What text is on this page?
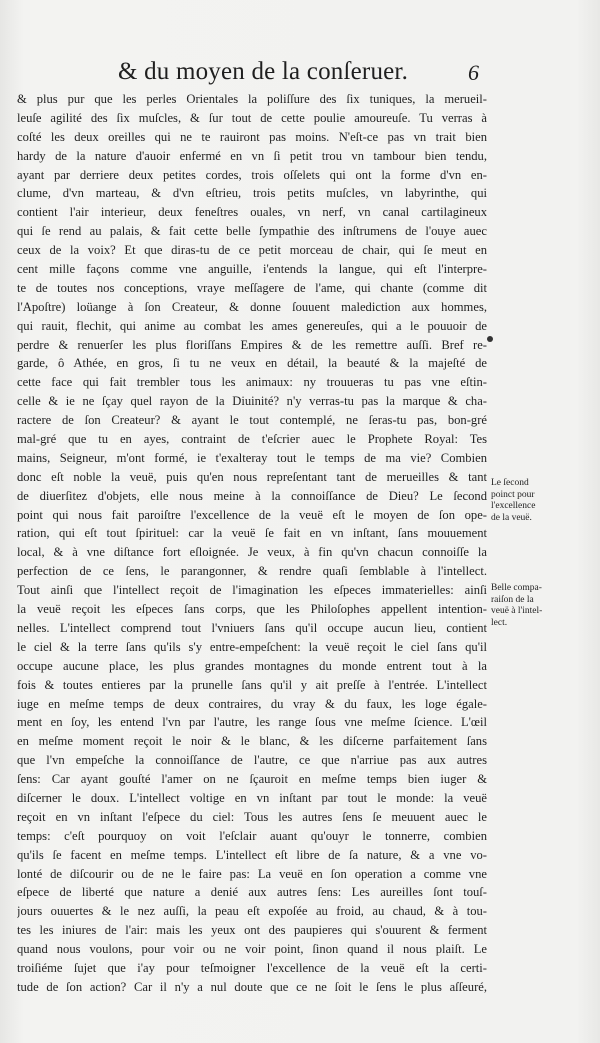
& du moyen de la conſeruer.	6
& plus pur que les perles Orientales la poliſſure des ſix tuniques, la merueil-
leuſe agilité des ſix muſcles, & ſur tout de cette poulie amoureuſe. Tu verras à
coſté les deux oreilles qui ne te rauiront pas moins. N'eſt-ce pas vn trait bien
hardy de la nature d'auoir enfermé en vn ſi petit trou vn tambour bien tendu,
ayant par derriere deux petites cordes, trois oſſelets qui ont la forme d'vn en-
clume, d'vn marteau, & d'vn eſtrieu, trois petits muſcles, vn labyrinthe, qui
contient l'air interieur, deux feneſtres ouales, vn nerf, vn canal cartilagineux
qui ſe rend au palais, & fait cette belle ſympathie des inſtrumens de l'ouye auec
ceux de la voix? Et que diras-tu de ce petit morceau de chair, qui ſe meut en
cent mille façons comme vne anguille, i'entends la langue, qui eſt l'interpre-
te de toutes nos conceptions, vraye meſſagere de l'ame, qui chante (comme dit
l'Apoſtre) loüange à ſon Createur, & donne ſouuent malediction aux hommes,
qui rauit, flechit, qui anime au combat les ames genereuſes, qui a le pouuoir de
perdre & renuerſer les plus floriſſans Empires & de les remettre auſſi. Bref re-
garde, ô Athée, en gros, ſi tu ne veux en détail, la beauté & la majeſté de
cette face qui fait trembler tous les animaux: ny trouueras tu pas vne eſtin-
celle & ie ne ſçay quel rayon de la Diuinité? n'y verras-tu pas la marque & cha-
ractere de ſon Createur? & ayant le tout contemplé, ne ſeras-tu pas, bon-gré
mal-gré que tu en ayes, contraint de t'eſcrier auec le Prophete Royal: Tes
mains, Seigneur, m'ont formé, ie t'exalteray tout le temps de ma vie? Combien
donc eſt noble la veuë, puis qu'en nous repreſentant tant de merueilles & tant
de diuerſitez d'objets, elle nous meine à la connoiſſance de Dieu? Le ſecond
point qui nous fait paroiſtre l'excellence de la veuë eſt le moyen de ſon ope-
ration, qui eſt tout ſpirituel: car la veuë ſe fait en vn inſtant, ſans mouuement
local, & à vne diſtance fort eſloignée. Je veux, à fin qu'vn chacun connoiſſe la
perfection de ce ſens, le parangonner, & rendre quaſi ſemblable à l'intellect.
Tout ainſi que l'intellect reçoit de l'imagination les eſpeces immaterielles: ainſi
la veuë reçoit les eſpeces ſans corps, que les Philoſophes appellent intention-
nelles. L'intellect comprend tout l'vniuers ſans qu'il occupe aucun lieu, contient
le ciel & la terre ſans qu'ils s'y entre-empeſchent: la veuë reçoit le ciel ſans qu'il
occupe aucune place, les plus grandes montagnes du monde entrent tout à la
fois & toutes entieres par la prunelle ſans qu'il y ait preſſe à l'entrée. L'intellect
iuge en meſme temps de deux contraires, du vray & du faux, les loge égale-
ment en ſoy, les entend l'vn par l'autre, les range ſous vne meſme ſcience. L'œil
en meſme moment reçoit le noir & le blanc, & les diſcerne parfaitement ſans
que l'vn empeſche la connoiſſance de l'autre, ce que n'arriue pas aux autres
ſens: Car ayant gouſté l'amer on ne ſçauroit en meſme temps bien iuger &
diſcerner le doux. L'intellect voltige en vn inſtant par tout le monde: la veuë
reçoit en vn inſtant l'eſpece du ciel: Tous les autres ſens ſe meuuent auec le
temps: c'eſt pourquoy on voit l'eſclair auant qu'ouyr le tonnerre, combien
qu'ils ſe facent en meſme temps. L'intellect eſt libre de ſa nature, & a vne vo-
lonté de diſcourir ou de ne le faire pas: La veuë en ſon operation a comme vne
eſpece de liberté que nature a denié aux autres ſens: Les aureilles ſont touſ-
jours ouuertes & le nez auſſi, la peau eſt expoſée au froid, au chaud, & à tou-
tes les iniures de l'air: mais les yeux ont des paupieres qui s'ouurent & ferment
quand nous voulons, pour voir ou ne voir point, ſinon quand il nous plaiſt. Le
troiſiéme ſujet que i'ay pour teſmoigner l'excellence de la veuë eſt la certi-
tude de ſon action? Car il n'y a nul doute que ce ne ſoit le ſens le plus aſſeuré,
Le ſecond
poinct pour
l'excellence
de la veuë.
Belle compa-
raiſon de la
veuë à l'intel-
lect.
